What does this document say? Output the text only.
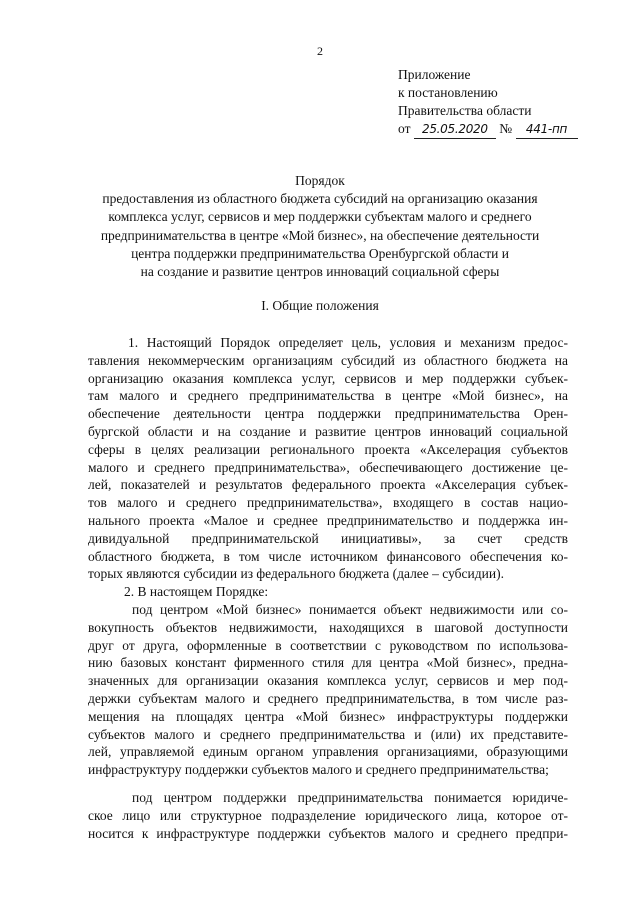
2
Приложение
к постановлению
Правительства области
от 25.05.2020 № 441-пп
Порядок
предоставления из областного бюджета субсидий на организацию оказания
комплекса услуг, сервисов и мер поддержки субъектам малого и среднего
предпринимательства в центре «Мой бизнес», на обеспечение деятельности
центра поддержки предпринимательства Оренбургской области и
на создание и развитие центров инноваций социальной сферы
I. Общие положения
1. Настоящий Порядок определяет цель, условия и механизм предос-
тавления некоммерческим организациям субсидий из областного бюджета на
организацию оказания комплекса услуг, сервисов и мер поддержки субъек-
там малого и среднего предпринимательства в центре «Мой бизнес», на
обеспечение деятельности центра поддержки предпринимательства Орен-
бургской области и на создание и развитие центров инноваций социальной
сферы в целях реализации регионального проекта «Акселерация субъектов
малого и среднего предпринимательства», обеспечивающего достижение це-
лей, показателей и результатов федерального проекта «Акселерация субъек-
тов малого и среднего предпринимательства», входящего в состав нацио-
нального проекта «Малое и среднее предпринимательство и поддержка ин-
дивидуальной предпринимательской инициативы», за счет средств
областного бюджета, в том числе источником финансового обеспечения ко-
торых являются субсидии из федерального бюджета (далее – субсидии).
2. В настоящем Порядке:
под центром «Мой бизнес» понимается объект недвижимости или со-
вокупность объектов недвижимости, находящихся в шаговой доступности
друг от друга, оформленные в соответствии с руководством по использова-
нию базовых констант фирменного стиля для центра «Мой бизнес», предна-
значенных для организации оказания комплекса услуг, сервисов и мер под-
держки субъектам малого и среднего предпринимательства, в том числе раз-
мещения на площадях центра «Мой бизнес» инфраструктуры поддержки
субъектов малого и среднего предпринимательства и (или) их представите-
лей, управляемой единым органом управления организациями, образующими
инфраструктуру поддержки субъектов малого и среднего предпринимательства;
под центром поддержки предпринимательства понимается юридиче-
ское лицо или структурное подразделение юридического лица, которое от-
носится к инфраструктуре поддержки субъектов малого и среднего предпри-
